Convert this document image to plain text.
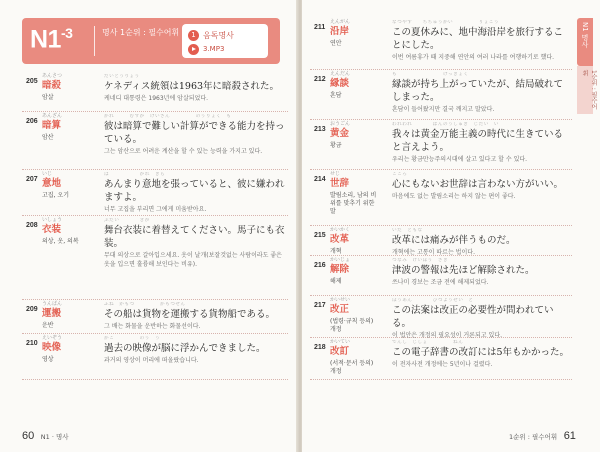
$N1^{-3}$	명사 1순위 : 필수어휘	1 음독명사
3.MP3
205
あんさつ
暗殺
암살
だいとうりょう
ケネディス統領は1963年に暗殺された。
케네디 대통령은 1963년에 암살되었다.
206
あんざん
暗算
암산
かれ　　　むずか　けいさん　　　　　のうりょく　も
彼は暗算で難しい計算ができる能力を持っている。
그는 암산으로 어려운 계산을 할 수 있는 능력을 가지고 있다.
207
いじ
意地
고집, 오기
は　　　　　　かれ　きら
あんまり意地を張っていると、彼に嫌われますよ。
너무 고집을 부리면 그에게 미움받아요.
208
いしょう
衣装
의상, 옷, 의복
ぶたい　　　　きが
舞台衣装に着替えてください。馬子にも衣装。
무대 의상으로 갈아입으세요. 옷이 날개(보잘것없는 사람이라도 좋은 옷을 입으면 훌륭해 보인다는 비유).
209
うんぱん
運搬
운반
ふね　かもつ　　　　　かもつせん
その船は貨物を運搬する貨物船である。
그 배는 화물을 운반하는 화물선이다.
210
えいぞう
映像
영상
かこ　　　　　のう　う
過去の映像が脳に浮かんできました。
과거의 영상이 머리에 떠올랐습니다.
211
えんがん
沿岸
연안
なつやす　　ちちゅうかい　　　　　りょこう
この夏休みに、地中海沿岸を旅行することにした。
이번 여름휴가 때 지중해 연안의 여러 나라를 여행하기로 했다.
212
えんだん
縁談
혼담
も　　　　　　　　　けっきょく
縁談が持ち上がっていたが、結局破れてしまった。
혼담이 들어왔지만 결국 깨지고 말았다.
213
おうごん
黄金
황금
われわれ　　　　ばんのうしゅぎ　じだい　い
我々は黄金万能主義の時代に生きていると言えよう。
우리는 황금만능주의시대에 살고 있다고 할 수 있다.
214
せじ
世辞
발림소리, 남의 비위를 맞추기 위한 말
こころ
心にもないお世辞は言わない方がいい。
마음에도 없는 발림소리는 하지 않는 편이 좋다.
215
かいかく
改革
개혁
いた　ともな
改革には痛みが伴うものだ。
개혁에는 고통이 따르는 법이다.
216
かいじょ
解除
해제
つなみ　けいほう　さき
津波の警報は先ほど解除された。
쓰나미 경보는 조금 전에 해제되었다.
217
かいせい
改正
(법령·규칙 등의) 개정
ほうあん　　　　ひつようせい　と
この法案は改正の必要性が問われている。
이 법안은 개정의 필요성이 거론되고 있다.
218
かいてい
改訂
(서적·문서 등의) 개정
でんし　じしょ　　　　　ねん
この電子辞書の改訂には5年もかかった。
이 전자사전 개정에는 5년이나 걸렸다.
N1 명사
1순위 : 필수어휘
60 N1 · 명사	1순위 : 필수어휘 61
